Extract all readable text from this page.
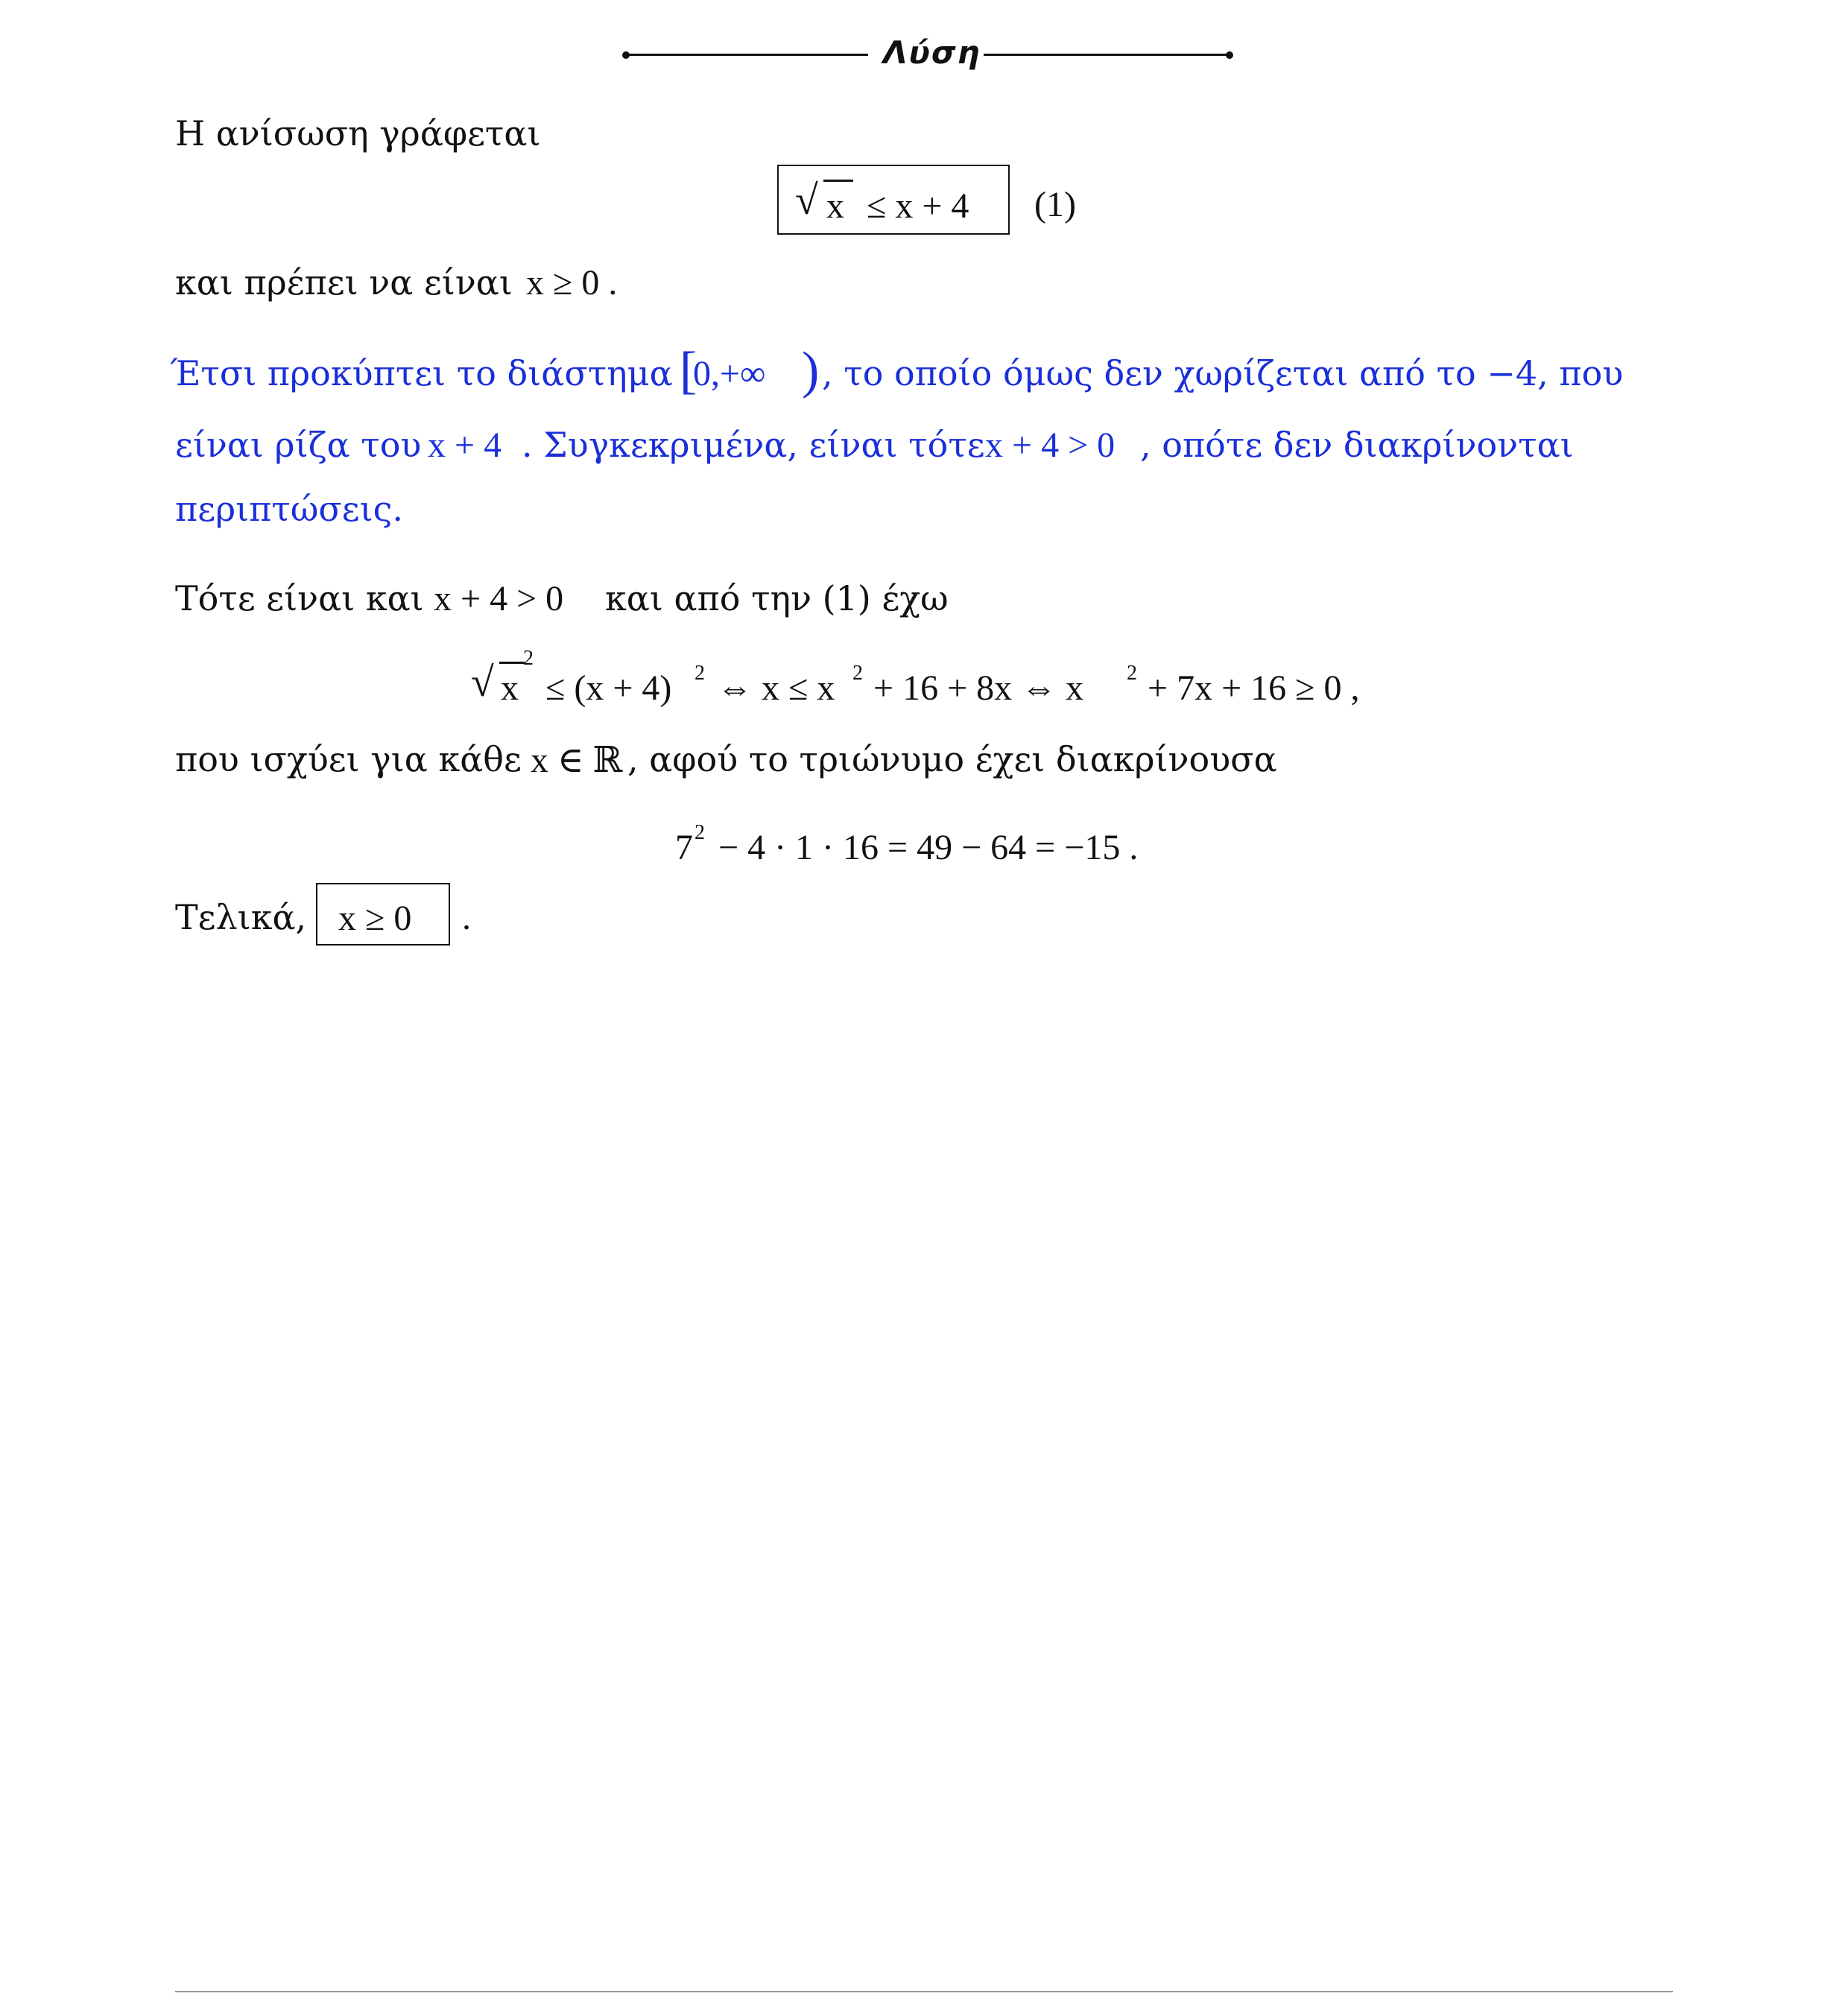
Λύση
Η ανίσωση γράφεται
√ x ≤ x + 4 (1)
και πρέπει να είναι x ≥ 0 .
Έτσι προκύπτει το διάστημα [
0,+∞ ) , το οποίο όμως δεν χωρίζεται από το −4, που
είναι ρίζα του x + 4 . Συγκεκριμένα, είναι τότε x + 4 > 0 , οπότε δεν διακρίνονται
περιπτώσεις.
Τότε είναι και x + 4 > 0 και από την (1) έχω
√ x
2
≤ (x + 4) 2 ⇔ x ≤ x 2 + 16 + 8x ⇔ x 2 + 7x + 16 ≥ 0 ,
που ισχύει για κάθε x ∈ ℝ , αφού το τριώνυμο έχει διακρίνουσα
7 2 − 4 · 1 · 16 = 49 − 64 = −15 .
Τελικά, x ≥ 0 .
